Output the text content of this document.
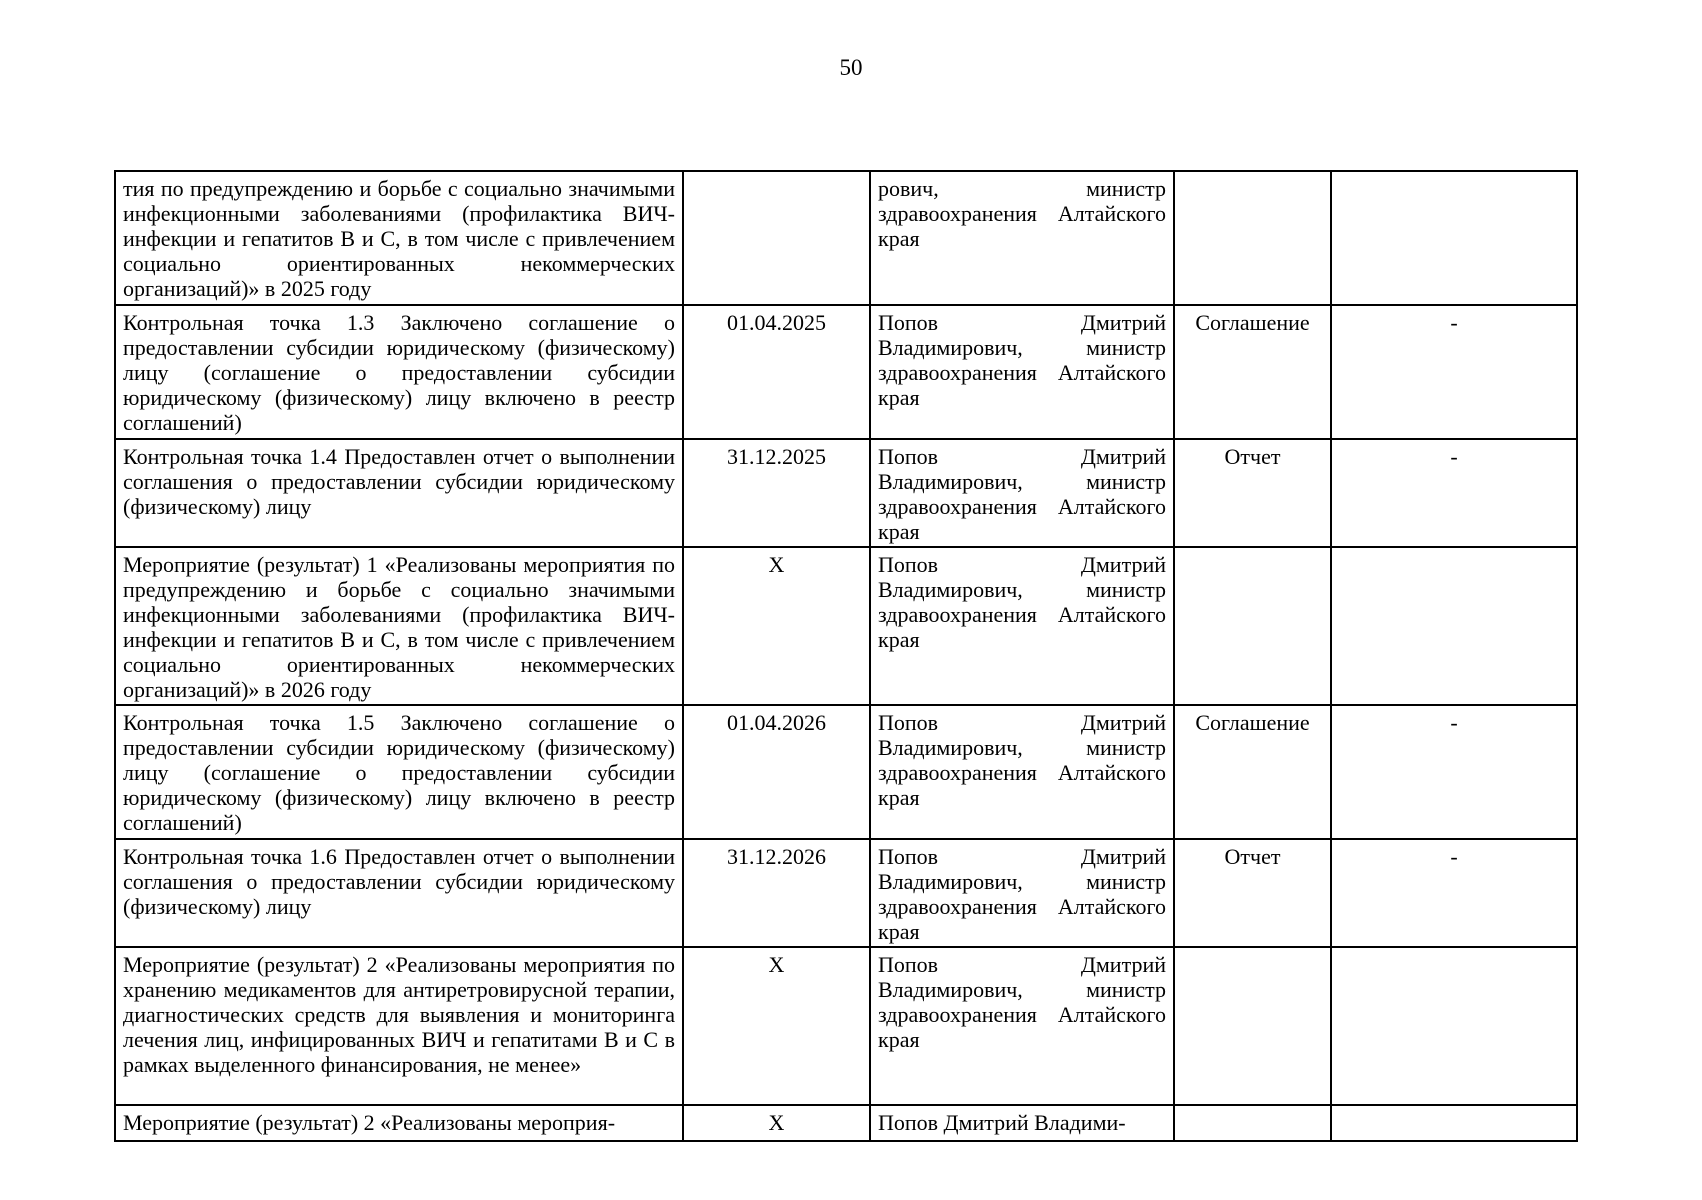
50
тия по предупреждению и борьбе с социально значимыми инфекционными заболеваниями (профилактика ВИЧ-инфекции и гепатитов В и С, в том числе с привлечением социально ориентированных некоммерческих организаций)» в 2025 году		рович, министр здравоохранения Алтайского края		
Контрольная точка 1.3 Заключено соглашение о предоставлении субсидии юридическому (физическому) лицу (соглашение о предоставлении субсидии юридическому (физическому) лицу включено в реестр соглашений)	01.04.2025	Попов Дмитрий Владимирович, министр здравоохранения Алтайского края	Соглашение	-
Контрольная точка 1.4 Предоставлен отчет о выполнении соглашения о предоставлении субсидии юридическому (физическому) лицу	31.12.2025	Попов Дмитрий Владимирович, министр здравоохранения Алтайского края	Отчет	-
Мероприятие (результат) 1 «Реализованы мероприятия по предупреждению и борьбе с социально значимыми инфекционными заболеваниями (профилактика ВИЧ-инфекции и гепатитов В и С, в том числе с привлечением социально ориентированных некоммерческих организаций)» в 2026 году	Х	Попов Дмитрий Владимирович, министр здравоохранения Алтайского края		
Контрольная точка 1.5 Заключено соглашение о предоставлении субсидии юридическому (физическому) лицу (соглашение о предоставлении субсидии юридическому (физическому) лицу включено в реестр соглашений)	01.04.2026	Попов Дмитрий Владимирович, министр здравоохранения Алтайского края	Соглашение	-
Контрольная точка 1.6 Предоставлен отчет о выполнении соглашения о предоставлении субсидии юридическому (физическому) лицу	31.12.2026	Попов Дмитрий Владимирович, министр здравоохранения Алтайского края	Отчет	-
Мероприятие (результат) 2 «Реализованы мероприятия по хранению медикаментов для антиретровирусной терапии, диагностических средств для выявления и мониторинга лечения лиц, инфицированных ВИЧ и гепатитами В и С в рамках выделенного финансирования, не менее»	Х	Попов Дмитрий Владимирович, министр здравоохранения Алтайского края		
Мероприятие (результат) 2 «Реализованы мероприя-	Х	Попов Дмитрий Владими-		
